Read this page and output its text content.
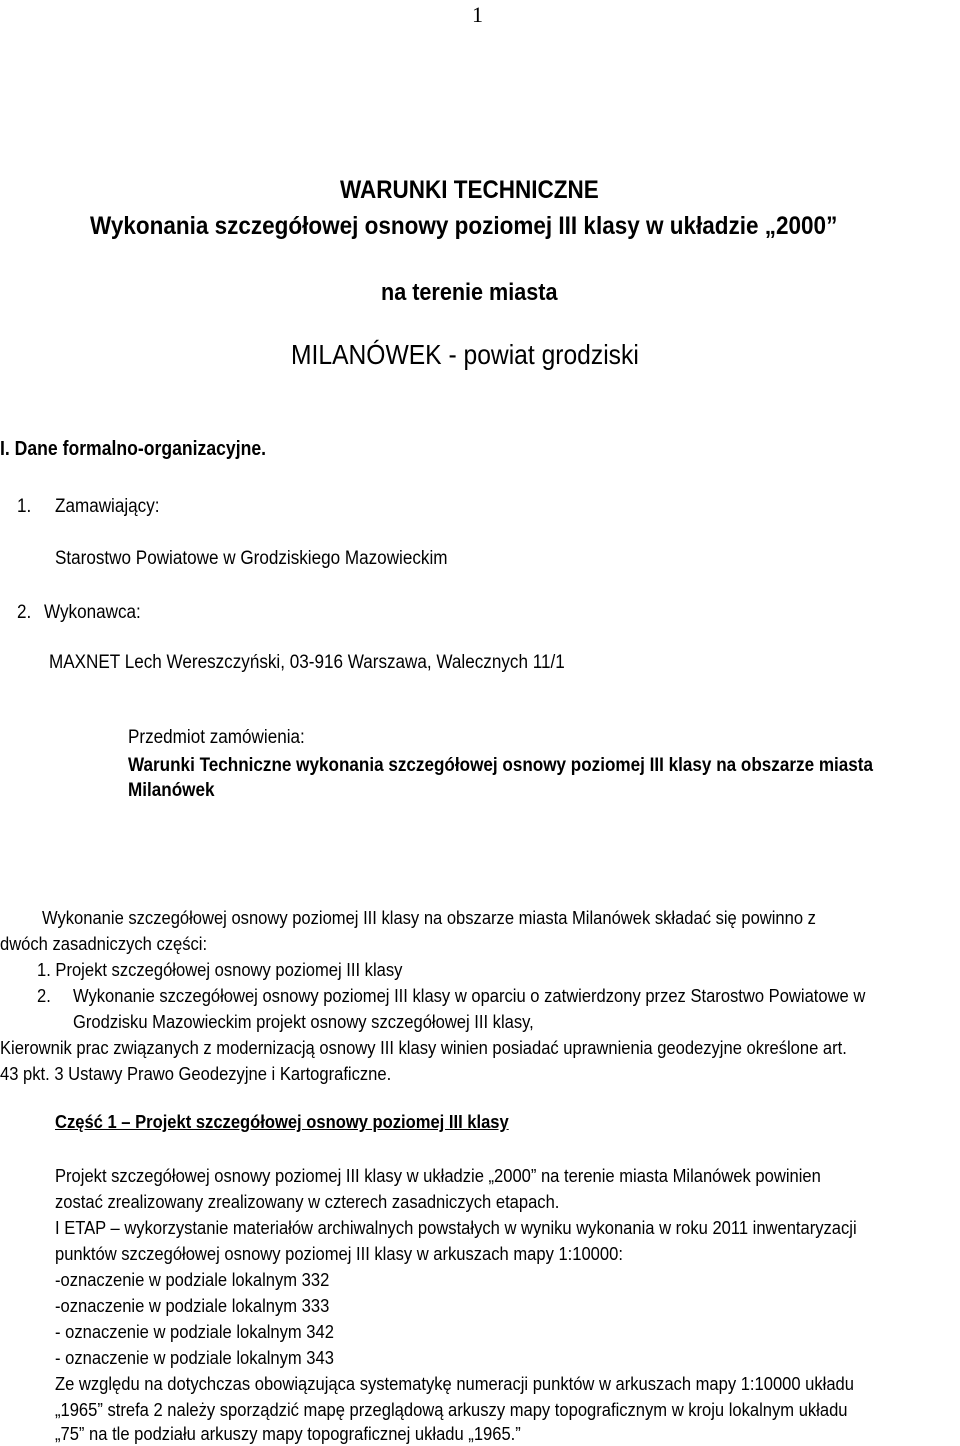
1
WARUNKI TECHNICZNE
Wykonania szczegółowej osnowy poziomej III klasy w układzie „2000”
na terenie miasta
MILANÓWEK - powiat grodziski
I. Dane formalno-organizacyjne.
1. Zamawiający:
Starostwo Powiatowe w Grodziskiego Mazowieckim
2. Wykonawca:
MAXNET Lech Wereszczyński, 03-916 Warszawa, Walecznych 11/1
Przedmiot zamówienia:
Warunki Techniczne wykonania szczegółowej osnowy poziomej III klasy na obszarze miasta
Milanówek
Wykonanie szczegółowej osnowy poziomej III klasy na obszarze miasta Milanówek składać się powinno z
dwóch zasadniczych części:
1. Projekt szczegółowej osnowy poziomej III klasy
2. Wykonanie szczegółowej osnowy poziomej III klasy w oparciu o zatwierdzony przez Starostwo Powiatowe w
Grodzisku Mazowieckim projekt osnowy szczegółowej III klasy,
Kierownik prac związanych z modernizacją osnowy III klasy winien posiadać uprawnienia geodezyjne określone art.
43 pkt. 3 Ustawy Prawo Geodezyjne i Kartograficzne.
Część 1 – Projekt szczegółowej osnowy poziomej III klasy
Projekt szczegółowej osnowy poziomej III klasy w układzie „2000” na terenie miasta Milanówek powinien
zostać zrealizowany zrealizowany w czterech zasadniczych etapach.
I ETAP – wykorzystanie materiałów archiwalnych powstałych w wyniku wykonania w roku 2011 inwentaryzacji
punktów szczegółowej osnowy poziomej III klasy w arkuszach mapy 1:10000:
-oznaczenie w podziale lokalnym 332
-oznaczenie w podziale lokalnym 333
- oznaczenie w podziale lokalnym 342
- oznaczenie w podziale lokalnym 343
Ze względu na dotychczas obowiązująca systematykę numeracji punktów w arkuszach mapy 1:10000 układu
„1965” strefa 2 należy sporządzić mapę przeglądową arkuszy mapy topograficznym w kroju lokalnym układu
„75” na tle podziału arkuszy mapy topograficznej układu „1965.”
